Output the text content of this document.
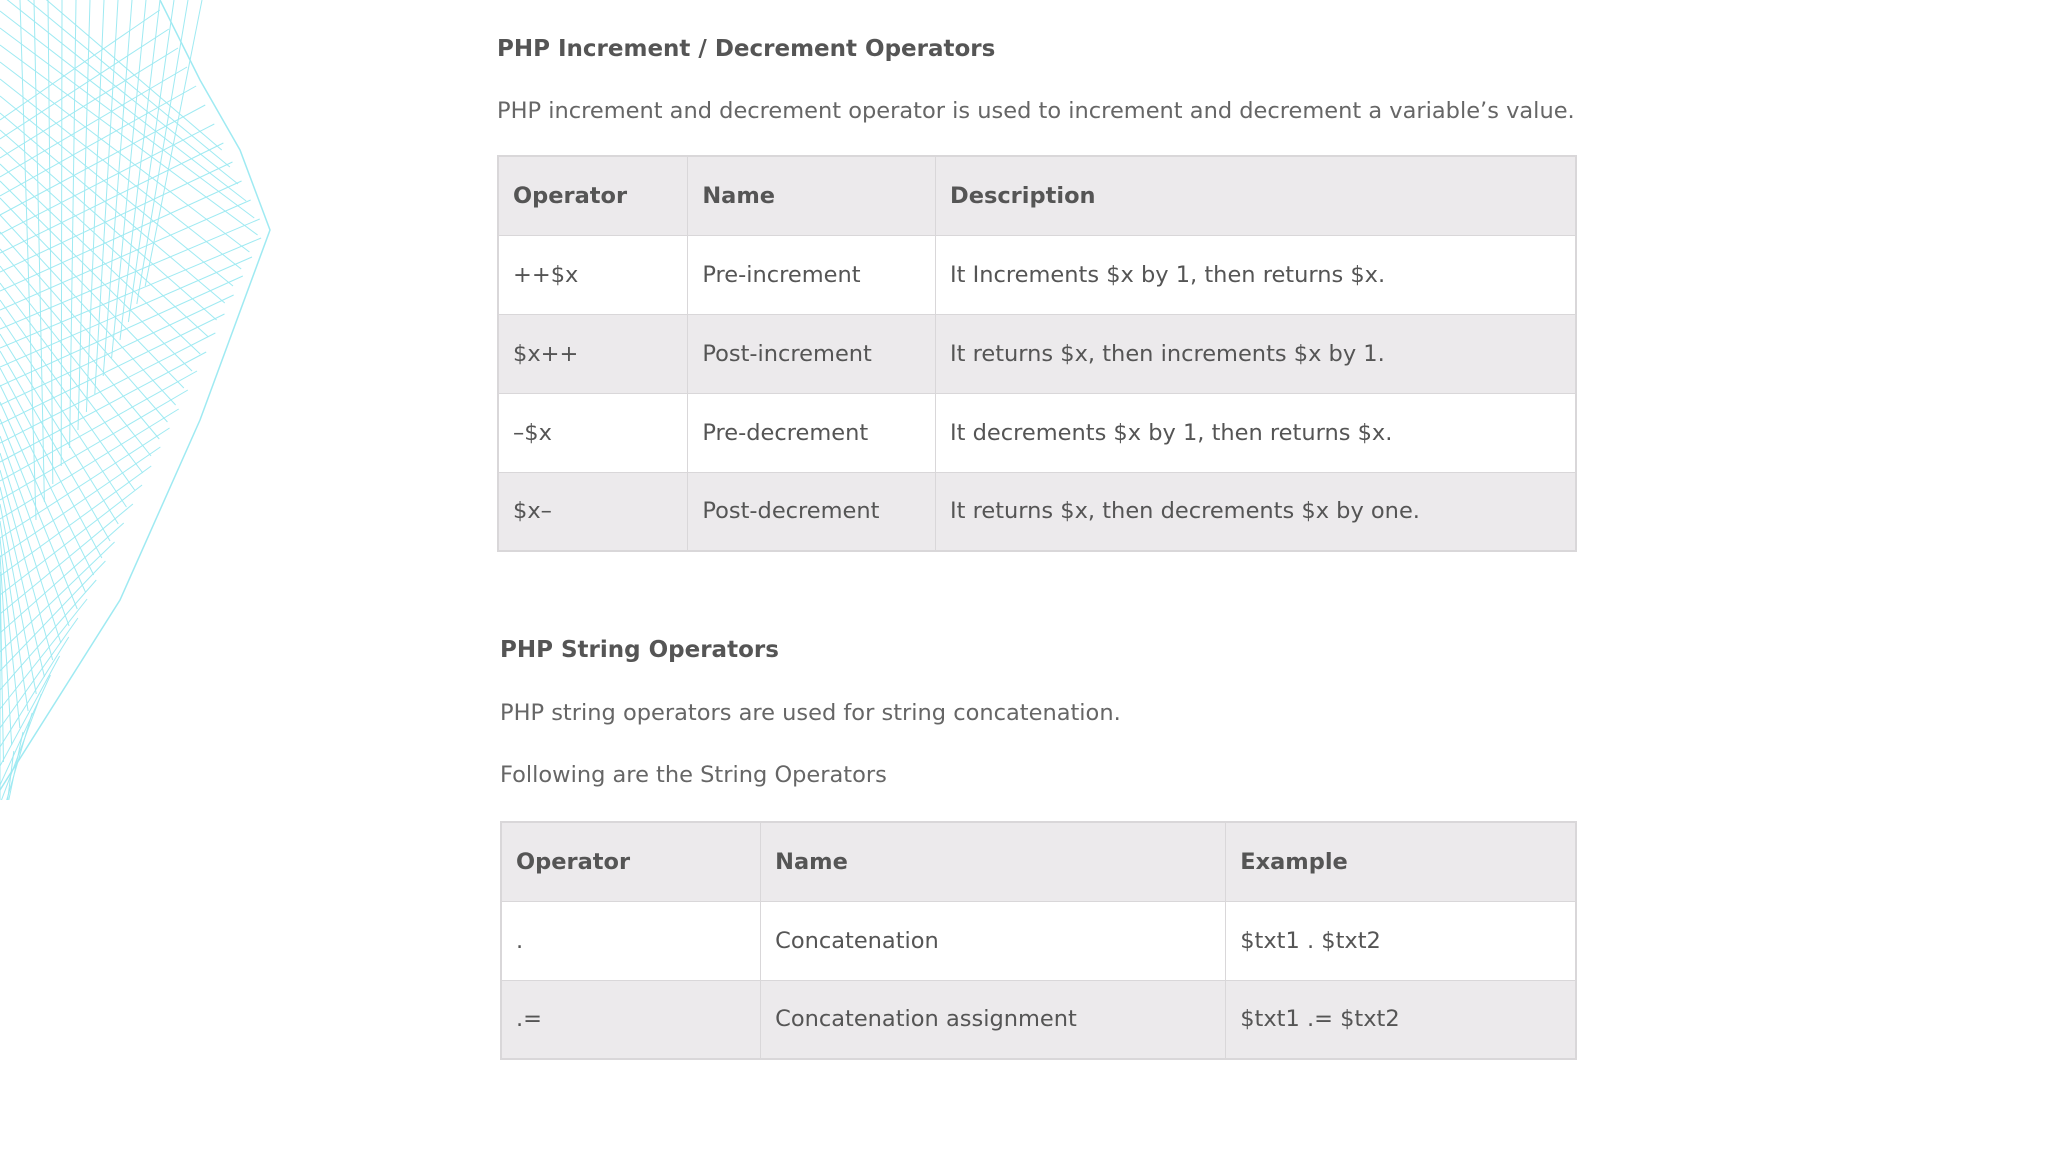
PHP Increment / Decrement Operators

PHP increment and decrement operator is used to increment and decrement a variable’s value.

Operator	Name	Description
++$x	Pre-increment	It Increments $x by 1, then returns $x.
$x++	Post-increment	It returns $x, then increments $x by 1.
–$x	Pre-decrement	It decrements $x by 1, then returns $x.
$x–	Post-decrement	It returns $x, then decrements $x by one.
PHP String Operators

PHP string operators are used for string concatenation.

Following are the String Operators

Operator	Name	Example
.	Concatenation	$txt1 . $txt2
.=	Concatenation assignment	$txt1 .= $txt2
